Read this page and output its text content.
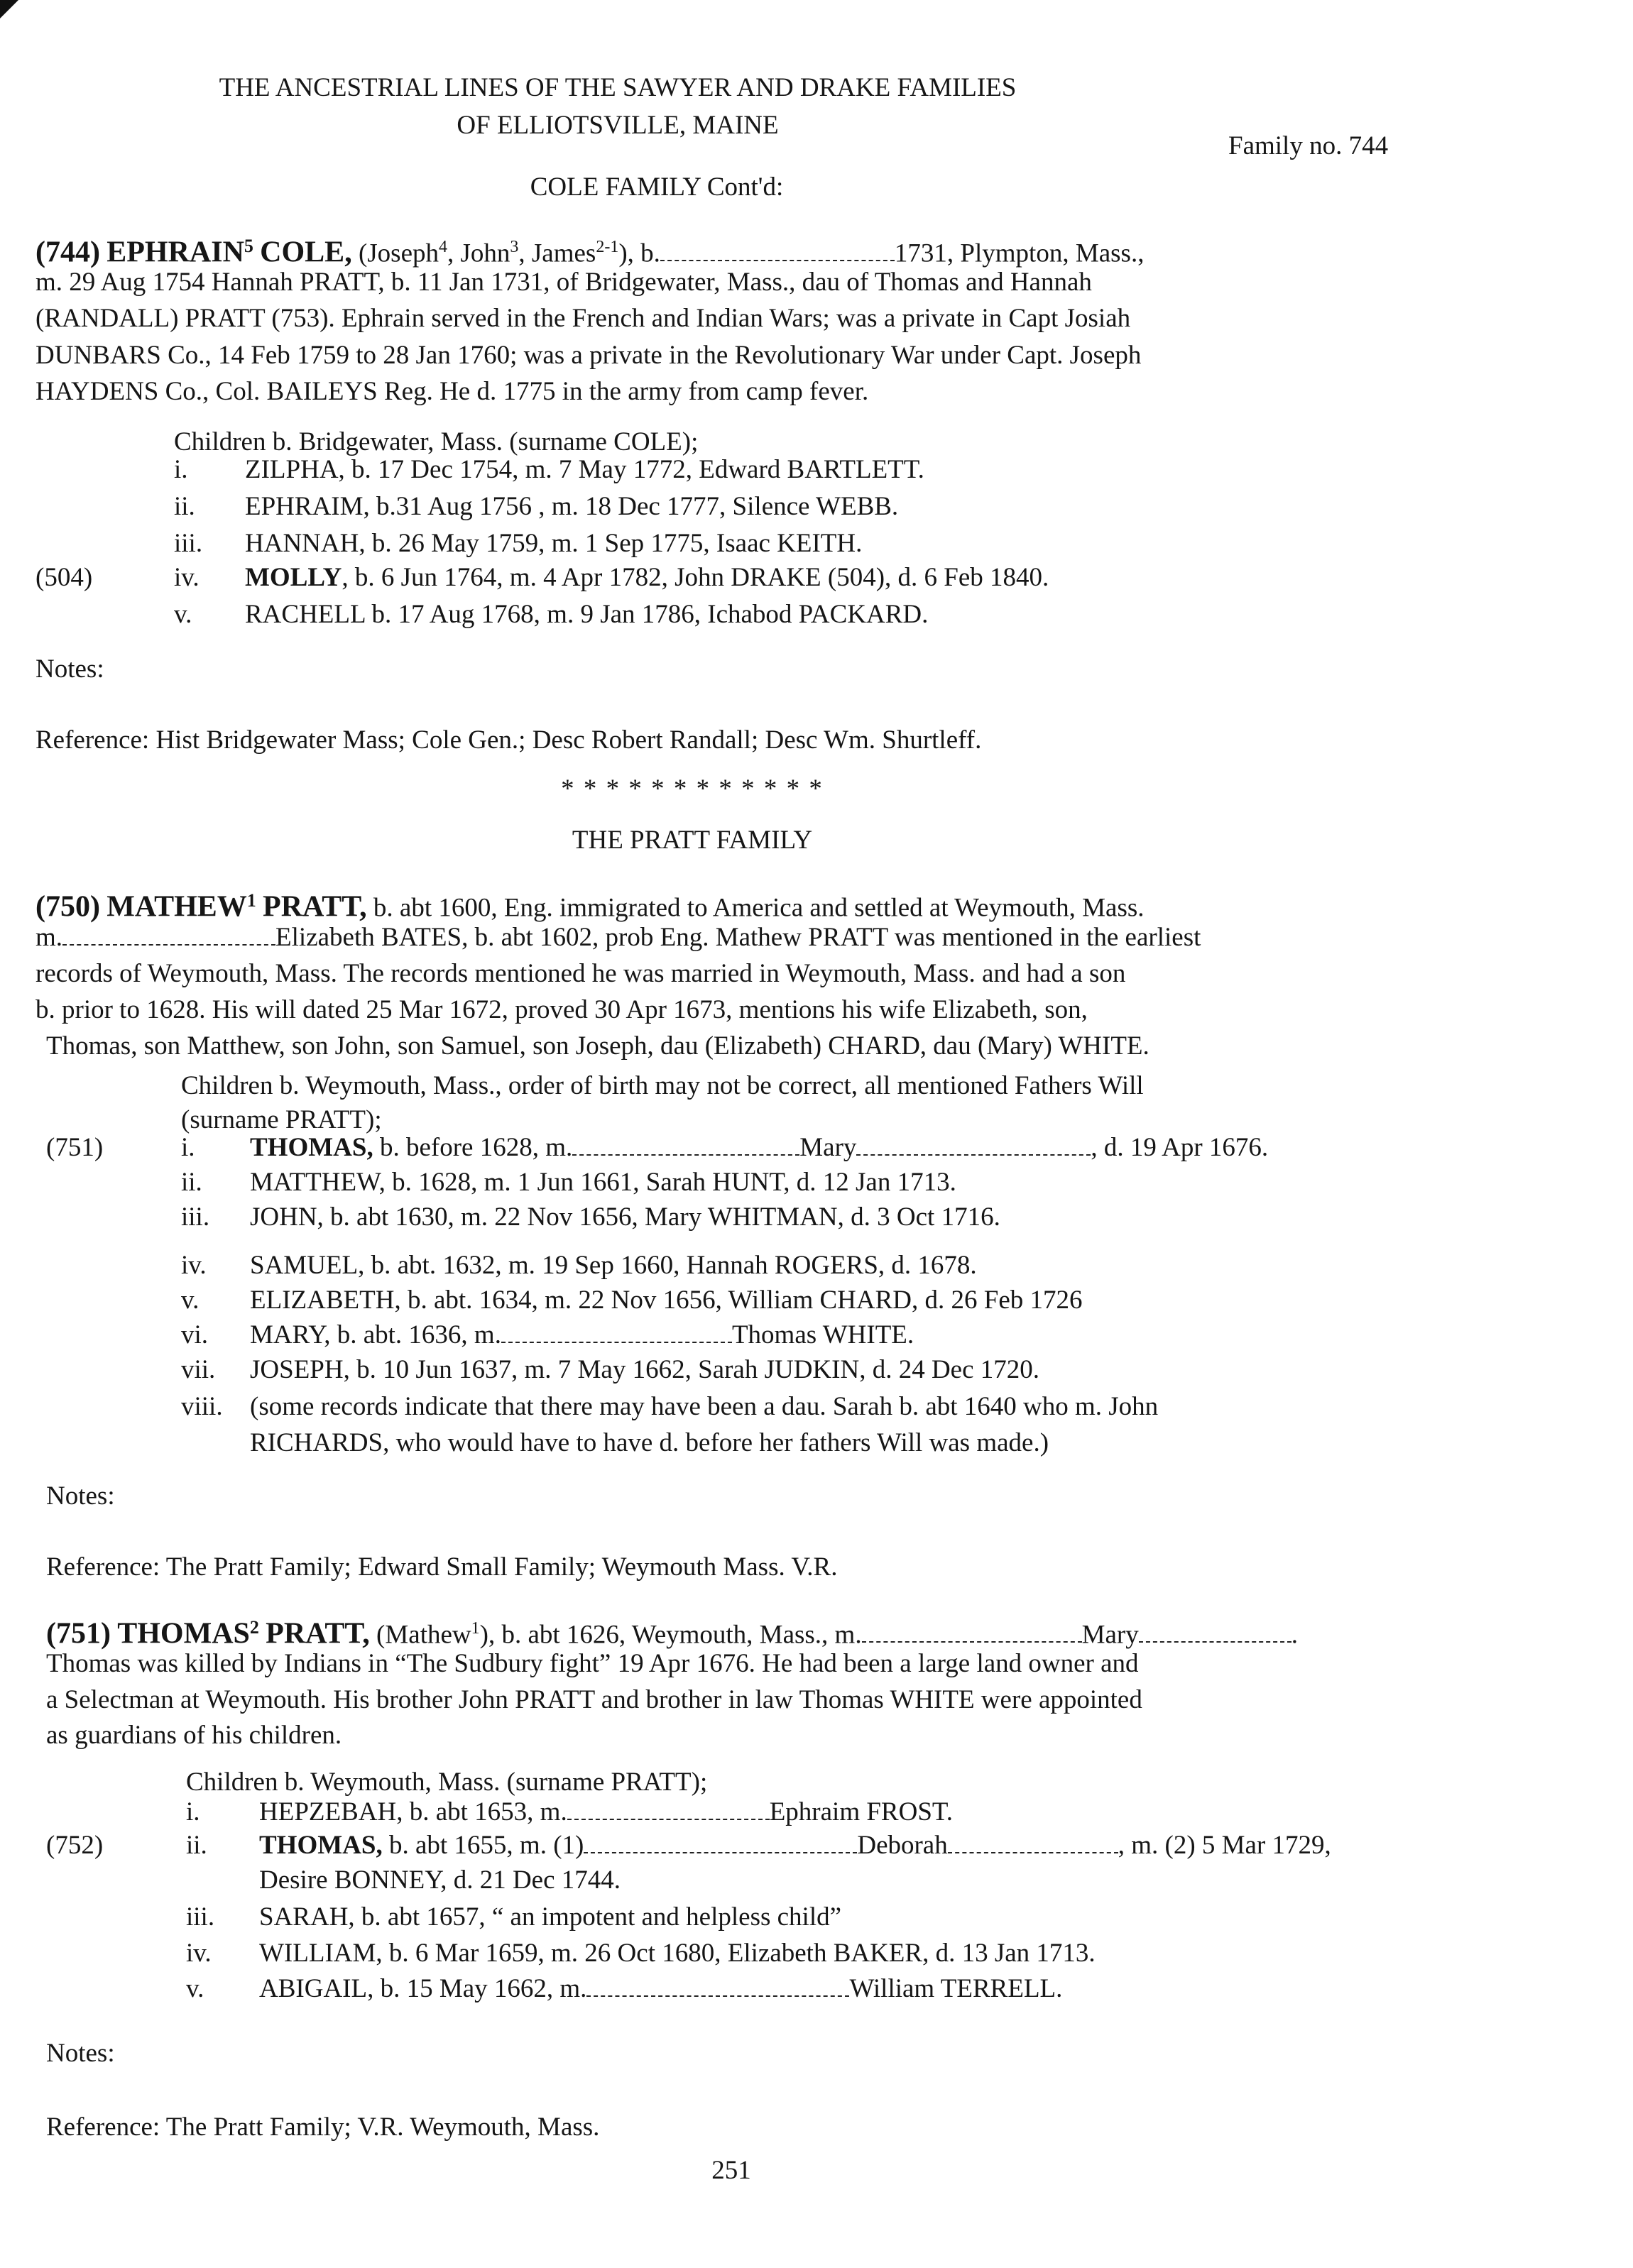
THE ANCESTRIAL LINES OF THE SAWYER AND DRAKE FAMILIES
OF ELLIOTSVILLE, MAINE
Family no. 744
COLE FAMILY Cont'd:
(744) EPHRAIN$^5$ COLE, (Joseph$^4$, John$^3$, James$^{2-1}$), b.	1731, Plympton, Mass.,
m. 29 Aug 1754 Hannah PRATT, b. 11 Jan 1731, of Bridgewater, Mass., dau of Thomas and Hannah
(RANDALL) PRATT (753). Ephrain served in the French and Indian Wars; was a private in Capt Josiah
DUNBARS Co., 14 Feb 1759 to 28 Jan 1760; was a private in the Revolutionary War under Capt. Joseph
HAYDENS Co., Col. BAILEYS Reg. He d. 1775 in the army from camp fever.
Children b. Bridgewater, Mass. (surname COLE);
i. ZILPHA, b. 17 Dec 1754, m. 7 May 1772, Edward BARTLETT.
ii. EPHRAIM, b.31 Aug 1756 , m. 18 Dec 1777, Silence WEBB.
iii. HANNAH, b. 26 May 1759, m. 1 Sep 1775, Isaac KEITH.
(504)	iv. MOLLY, b. 6 Jun 1764, m. 4 Apr 1782, John DRAKE (504), d. 6 Feb 1840.
v. RACHELL b. 17 Aug 1768, m. 9 Jan 1786, Ichabod PACKARD.
Notes:
Reference: Hist Bridgewater Mass; Cole Gen.; Desc Robert Randall; Desc Wm. Shurtleff.
* * * * * * * * * * * *
THE PRATT FAMILY
(750) MATHEW$^1$ PRATT, b. abt 1600, Eng. immigrated to America and settled at Weymouth, Mass.
m.	Elizabeth BATES, b. abt 1602, prob Eng. Mathew PRATT was mentioned in the earliest
records of Weymouth, Mass. The records mentioned he was married in Weymouth, Mass. and had a son
b. prior to 1628. His will dated 25 Mar 1672, proved 30 Apr 1673, mentions his wife Elizabeth, son,
Thomas, son Matthew, son John, son Samuel, son Joseph, dau (Elizabeth) CHARD, dau (Mary) WHITE.
Children b. Weymouth, Mass., order of birth may not be correct, all mentioned Fathers Will
(surname PRATT);
(751)	i. THOMAS, b. before 1628, m.	Mary	, d. 19 Apr 1676.
ii. MATTHEW, b. 1628, m. 1 Jun 1661, Sarah HUNT, d. 12 Jan 1713.
iii. JOHN, b. abt 1630, m. 22 Nov 1656, Mary WHITMAN, d. 3 Oct 1716.
iv. SAMUEL, b. abt. 1632, m. 19 Sep 1660, Hannah ROGERS, d. 1678.
v. ELIZABETH, b. abt. 1634, m. 22 Nov 1656, William CHARD, d. 26 Feb 1726
vi. MARY, b. abt. 1636, m.	Thomas WHITE.
vii. JOSEPH, b. 10 Jun 1637, m. 7 May 1662, Sarah JUDKIN, d. 24 Dec 1720.
viii. (some records indicate that there may have been a dau. Sarah b. abt 1640 who m. John
RICHARDS, who would have to have d. before her fathers Will was made.)
Notes:
Reference: The Pratt Family; Edward Small Family; Weymouth Mass. V.R.
(751) THOMAS$^2$ PRATT, (Mathew$^1$), b. abt 1626, Weymouth, Mass., m.	Mary	.
Thomas was killed by Indians in “The Sudbury fight” 19 Apr 1676. He had been a large land owner and
a Selectman at Weymouth. His brother John PRATT and brother in law Thomas WHITE were appointed
as guardians of his children.
Children b. Weymouth, Mass. (surname PRATT);
i. HEPZEBAH, b. abt 1653, m.	Ephraim FROST.
(752)	ii. THOMAS, b. abt 1655, m. (1)	Deborah	, m. (2) 5 Mar 1729,
Desire BONNEY, d. 21 Dec 1744.
iii. SARAH, b. abt 1657, “ an impotent and helpless child”
iv. WILLIAM, b. 6 Mar 1659, m. 26 Oct 1680, Elizabeth BAKER, d. 13 Jan 1713.
v. ABIGAIL, b. 15 May 1662, m.	William TERRELL.
Notes:
Reference: The Pratt Family; V.R. Weymouth, Mass.
251
